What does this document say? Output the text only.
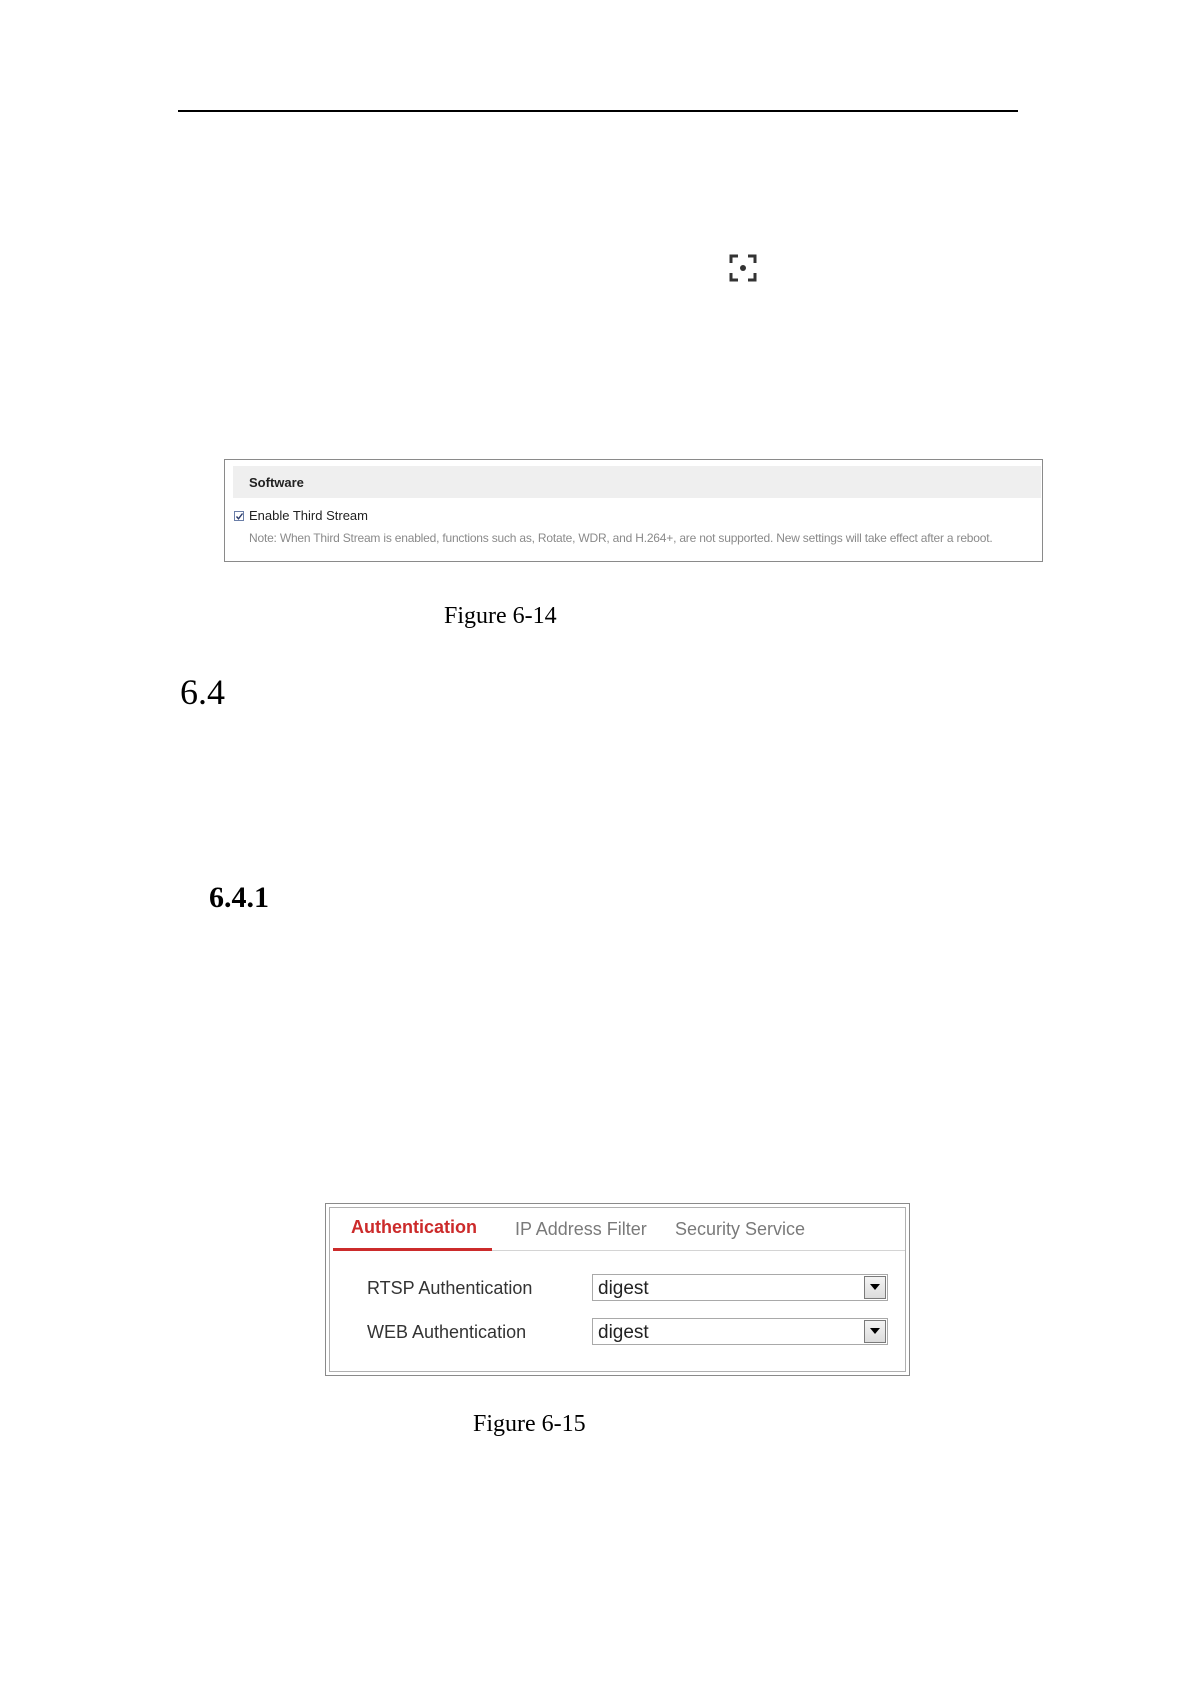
Software
Enable Third Stream
Note: When Third Stream is enabled, functions such as, Rotate, WDR, and H.264+, are not supported. New settings will take effect after a reboot.
Figure 6-14
6.4
6.4.1
Authentication IP Address Filter Security Service
RTSP Authentication	digest
WEB Authentication	digest
Figure 6-15
